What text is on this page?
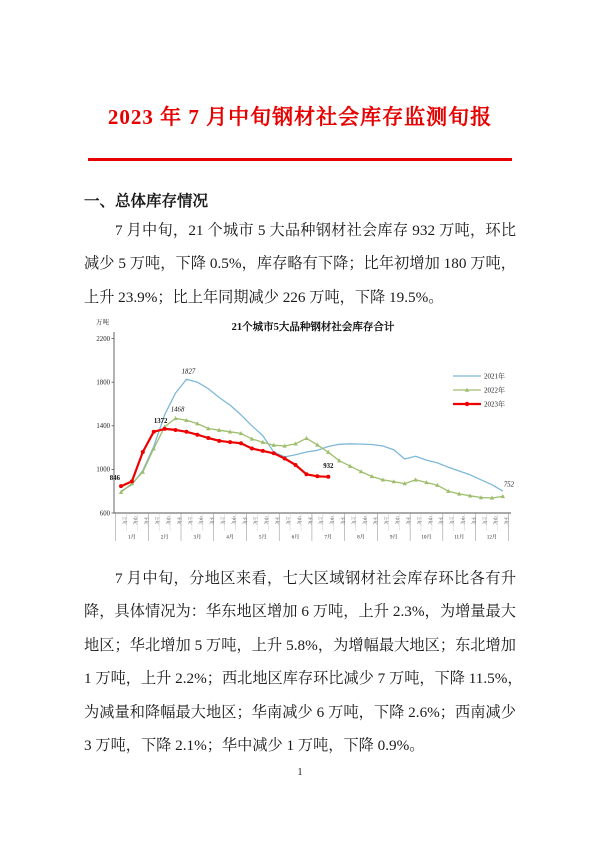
2023 年 7 月中旬钢材社会库存监测旬报
一、总体库存情况
7 月中旬，21 个城市 5 大品种钢材社会库存 932 万吨，环比
减少 5 万吨，下降 0.5%，库存略有下降；比年初增加 180 万吨，
上升 23.9%；比上年同期减少 226 万吨，下降 19.5%。
21个城市5大品种钢材社会库存合计
万吨
600
1000
1400
1800
2200
上旬 中旬 下旬 上旬 中旬 下旬 上旬 中旬 下旬 上旬 中旬 下旬 上旬 中旬 下旬 上旬 中旬 下旬 上旬 中旬 下旬 上旬 中旬 下旬 上旬 中旬 下旬 上旬 中旬 下旬 上旬 中旬 下旬 上旬 中旬 下旬
1月	2月	3月	4月	5月	6月	7月	8月	9月	10月	11月	12月
846
1372
1468
1827
932
752
2021年
2022年
2023年
7 月中旬，分地区来看，七大区域钢材社会库存环比各有升
降，具体情况为：华东地区增加 6 万吨，上升 2.3%，为增量最大
地区；华北增加 5 万吨，上升 5.8%，为增幅最大地区；东北增加
1 万吨，上升 2.2%；西北地区库存环比减少 7 万吨，下降 11.5%，
为减量和降幅最大地区；华南减少 6 万吨，下降 2.6%；西南减少
3 万吨，下降 2.1%；华中减少 1 万吨，下降 0.9%。
1
